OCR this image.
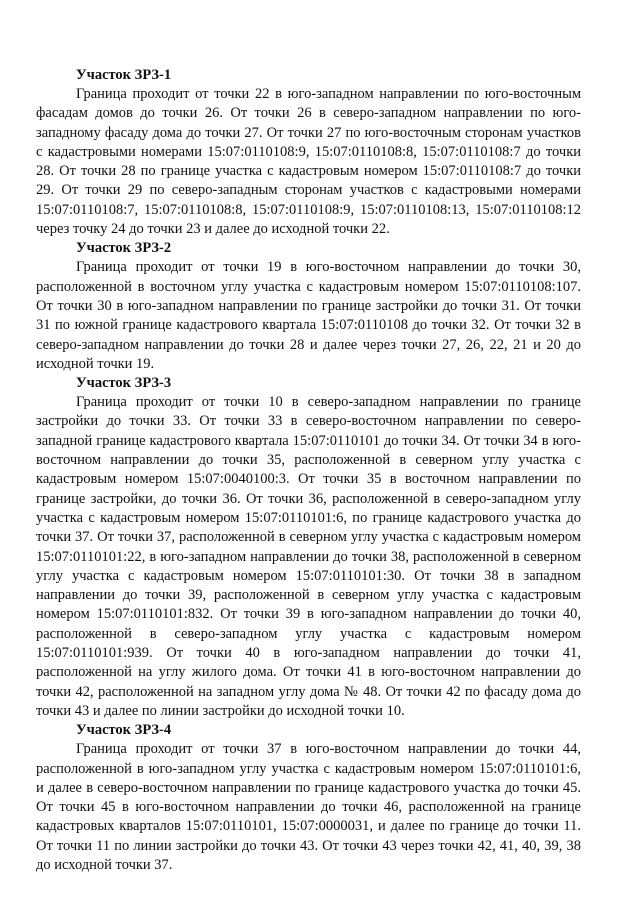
Участок ЗРЗ-1

Граница проходит от точки 22 в юго-западном направлении по юго-восточным фасадам домов до точки 26. От точки 26 в северо-западном направлении по юго-западному фасаду дома до точки 27. От точки 27 по юго-восточным сторонам участков с кадастровыми номерами 15:07:0110108:9, 15:07:0110108:8, 15:07:0110108:7 до точки 28. От точки 28 по границе участка с кадастровым номером 15:07:0110108:7 до точки 29. От точки 29 по северо-западным сторонам участков с кадастровыми номерами 15:07:0110108:7, 15:07:0110108:8, 15:07:0110108:9, 15:07:0110108:13, 15:07:0110108:12 через точку 24 до точки 23 и далее до исходной точки 22.

Участок ЗРЗ-2

Граница проходит от точки 19 в юго-восточном направлении до точки 30, расположенной в восточном углу участка с кадастровым номером 15:07:0110108:107. От точки 30 в юго-западном направлении по границе застройки до точки 31. От точки 31 по южной границе кадастрового квартала 15:07:0110108 до точки 32. От точки 32 в северо-западном направлении до точки 28 и далее через точки 27, 26, 22, 21 и 20 до исходной точки 19.

Участок ЗРЗ-3

Граница проходит от точки 10 в северо-западном направлении по границе застройки до точки 33. От точки 33 в северо-восточном направлении по северо-западной границе кадастрового квартала 15:07:0110101 до точки 34. От точки 34 в юго-восточном направлении до точки 35, расположенной в северном углу участка с кадастровым номером 15:07:0040100:3. От точки 35 в восточном направлении по границе застройки, до точки 36. От точки 36, расположенной в северо-западном углу участка с кадастровым номером 15:07:0110101:6, по границе кадастрового участка до точки 37. От точки 37, расположенной в северном углу участка с кадастровым номером 15:07:0110101:22, в юго-западном направлении до точки 38, расположенной в северном углу участка с кадастровым номером 15:07:0110101:30. От точки 38 в западном направлении до точки 39, расположенной в северном углу участка с кадастровым номером 15:07:0110101:832. От точки 39 в юго-западном направлении до точки 40, расположенной в северо-западном углу участка с кадастровым номером 15:07:0110101:939. От точки 40 в юго-западном направлении до точки 41, расположенной на углу жилого дома. От точки 41 в юго-восточном направлении до точки 42, расположенной на западном углу дома № 48. От точки 42 по фасаду дома до точки 43 и далее по линии застройки до исходной точки 10.

Участок ЗРЗ-4

Граница проходит от точки 37 в юго-восточном направлении до точки 44, расположенной в юго-западном углу участка с кадастровым номером 15:07:0110101:6, и далее в северо-восточном направлении по границе кадастрового участка до точки 45. От точки 45 в юго-восточном направлении до точки 46, расположенной на границе кадастровых кварталов 15:07:0110101, 15:07:0000031, и далее по границе до точки 11. От точки 11 по линии застройки до точки 43. От точки 43 через точки 42, 41, 40, 39, 38 до исходной точки 37.
